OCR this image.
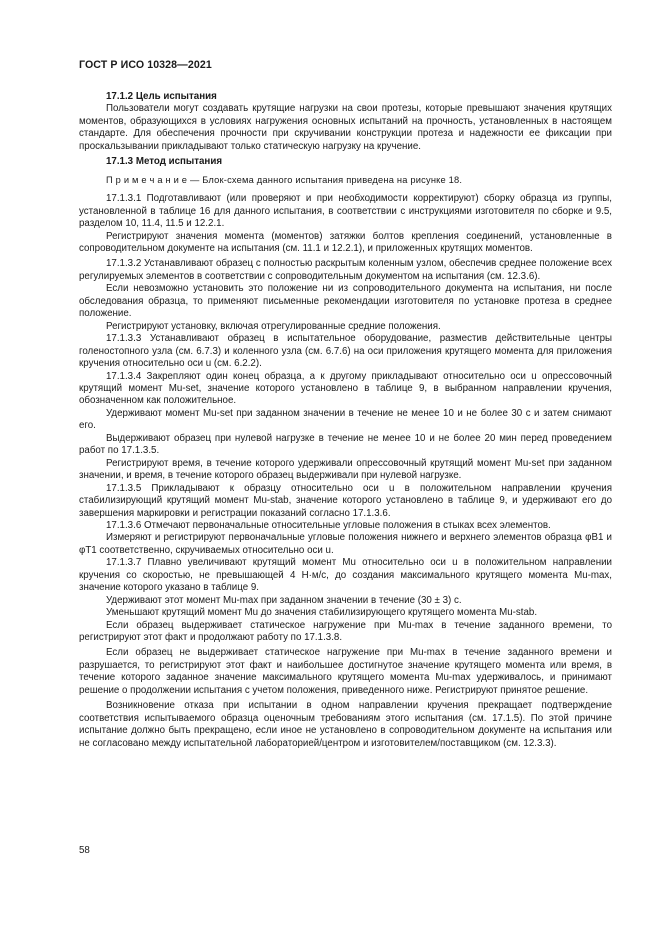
ГОСТ Р ИСО 10328—2021

17.1.2 Цель испытания

Пользователи могут создавать крутящие нагрузки на свои протезы, которые превышают значения крутящих моментов, образующихся в условиях нагружения основных испытаний на прочность, установленных в настоящем стандарте. Для обеспечения прочности при скручивании конструкции протеза и надежности ее фиксации при проскальзывании прикладывают только статическую нагрузку на кручение.

17.1.3 Метод испытания

П р и м е ч а н и е — Блок-схема данного испытания приведена на рисунке 18.

17.1.3.1 Подготавливают (или проверяют и при необходимости корректируют) сборку образца из группы, установленной в таблице 16 для данного испытания, в соответствии с инструкциями изготовителя по сборке и 9.5, разделом 10, 11.4, 11.5 и 12.2.1.

Регистрируют значения момента (моментов) затяжки болтов крепления соединений, установленные в сопроводительном документе на испытания (см. 11.1 и 12.2.1), и приложенных крутящих моментов.

17.1.3.2 Устанавливают образец с полностью раскрытым коленным узлом, обеспечив среднее положение всех регулируемых элементов в соответствии с сопроводительным документом на испытания (см. 12.3.6).

Если невозможно установить это положение ни из сопроводительного документа на испытания, ни после обследования образца, то применяют письменные рекомендации изготовителя по установке протеза в среднее положение.

Регистрируют установку, включая отрегулированные средние положения.

17.1.3.3 Устанавливают образец в испытательное оборудование, разместив действительные центры голеностопного узла (см. 6.7.3) и коленного узла (см. 6.7.6) на оси приложения крутящего момента для приложения кручения относительно оси u (см. 6.2.2).

17.1.3.4 Закрепляют один конец образца, а к другому прикладывают относительно оси u опрессовочный крутящий момент Mu-set, значение которого установлено в таблице 9, в выбранном направлении кручения, обозначенном как положительное.

Удерживают момент Mu-set при заданном значении в течение не менее 10 и не более 30 с и затем снимают его.

Выдерживают образец при нулевой нагрузке в течение не менее 10 и не более 20 мин перед проведением работ по 17.1.3.5.

Регистрируют время, в течение которого удерживали опрессовочный крутящий момент Mu-set при заданном значении, и время, в течение которого образец выдерживали при нулевой нагрузке.

17.1.3.5 Прикладывают к образцу относительно оси u в положительном направлении кручения стабилизирующий крутящий момент Mu-stab, значение которого установлено в таблице 9, и удерживают его до завершения маркировки и регистрации показаний согласно 17.1.3.6.

17.1.3.6 Отмечают первоначальные относительные угловые положения в стыках всех элементов.

Измеряют и регистрируют первоначальные угловые положения нижнего и верхнего элементов образца φB1 и φT1 соответственно, скручиваемых относительно оси u.

17.1.3.7 Плавно увеличивают крутящий момент Mu относительно оси u в положительном направлении кручения со скоростью, не превышающей 4 Н·м/с, до создания максимального крутящего момента Mu-max, значение которого указано в таблице 9.

Удерживают этот момент Mu-max при заданном значении в течение (30 ± 3) с.

Уменьшают крутящий момент Mu до значения стабилизирующего крутящего момента Mu-stab.

Если образец выдерживает статическое нагружение при Mu-max в течение заданного времени, то регистрируют этот факт и продолжают работу по 17.1.3.8.

Если образец не выдерживает статическое нагружение при Mu-max в течение заданного времени и разрушается, то регистрируют этот факт и наибольшее достигнутое значение крутящего момента или время, в течение которого заданное значение максимального крутящего момента Mu-max удерживалось, и принимают решение о продолжении испытания с учетом положения, приведенного ниже. Регистрируют принятое решение.

Возникновение отказа при испытании в одном направлении кручения прекращает подтверждение соответствия испытываемого образца оценочным требованиям этого испытания (см. 17.1.5). По этой причине испытание должно быть прекращено, если иное не установлено в сопроводительном документе на испытания или не согласовано между испытательной лабораторией/центром и изготовителем/поставщиком (см. 12.3.3).

58
